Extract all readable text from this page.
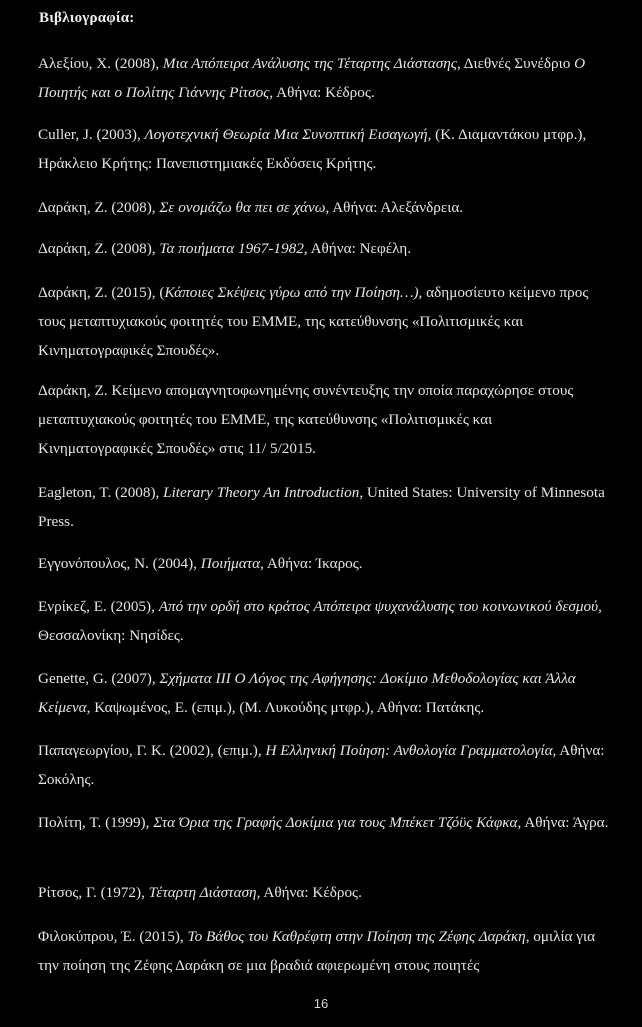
Βιβλιογραφία:
Αλεξίου, Χ. (2008), Μια Απόπειρα Ανάλυσης της Τέταρτης Διάστασης, Διεθνές Συνέδριο Ο Ποιητής και ο Πολίτης Γιάννης Ρίτσος, Αθήνα: Κέδρος.
Culler, J. (2003), Λογοτεχνική Θεωρία Μια Συνοπτική Εισαγωγή, (Κ. Διαμαντάκου μτφρ.), Ηράκλειο Κρήτης: Πανεπιστημιακές Εκδόσεις Κρήτης.
Δαράκη, Ζ. (2008), Σε ονομάζω θα πει σε χάνω, Αθήνα: Αλεξάνδρεια.
Δαράκη, Ζ. (2008), Τα ποιήματα 1967-1982, Αθήνα: Νεφέλη.
Δαράκη, Ζ. (2015), (Κάποιες Σκέψεις γύρω από την Ποίηση…), αδημοσίευτο κείμενο προς τους μεταπτυχιακούς φοιτητές του ΕΜΜΕ, της κατεύθυνσης «Πολιτισμικές και Κινηματογραφικές Σπουδές».
Δαράκη, Ζ. Κείμενο απομαγνητοφωνημένης συνέντευξης την οποία παραχώρησε στους μεταπτυχιακούς φοιτητές του ΕΜΜΕ, της κατεύθυνσης «Πολιτισμικές και Κινηματογραφικές Σπουδές» στις 11/ 5/2015.
Eagleton, T. (2008), Literary Theory An Introduction, United States: University of Minnesota Press.
Εγγονόπουλος, Ν. (2004), Ποιήματα, Αθήνα: Ίκαρος.
Ενρίκεζ, Ε. (2005), Από την ορδή στο κράτος Απόπειρα ψυχανάλυσης του κοινωνικού δεσμού, Θεσσαλονίκη: Νησίδες.
Genette, G. (2007), Σχήματα ΙΙΙ Ο Λόγος της Αφήγησης: Δοκίμιο Μεθοδολογίας και Άλλα Κείμενα, Καψωμένος, Ε. (επιμ.), (Μ. Λυκούδης μτφρ.), Αθήνα: Πατάκης.
Παπαγεωργίου, Γ. Κ. (2002), (επιμ.), Η Ελληνική Ποίηση: Ανθολογία Γραμματολογία, Αθήνα: Σοκόλης.
Πολίτη, Τ. (1999), Στα Όρια της Γραφής Δοκίμια για τους Μπέκετ Τζόϋς Κάφκα, Αθήνα: Άγρα.
Ρίτσος, Γ. (1972), Τέταρτη Διάσταση, Αθήνα: Κέδρος.
Φιλοκύπρου, Έ. (2015), Το Βάθος του Καθρέφτη στην Ποίηση της Ζέφης Δαράκη, ομιλία για την ποίηση της Ζέφης Δαράκη σε μια βραδιά αφιερωμένη στους ποιητές
16
